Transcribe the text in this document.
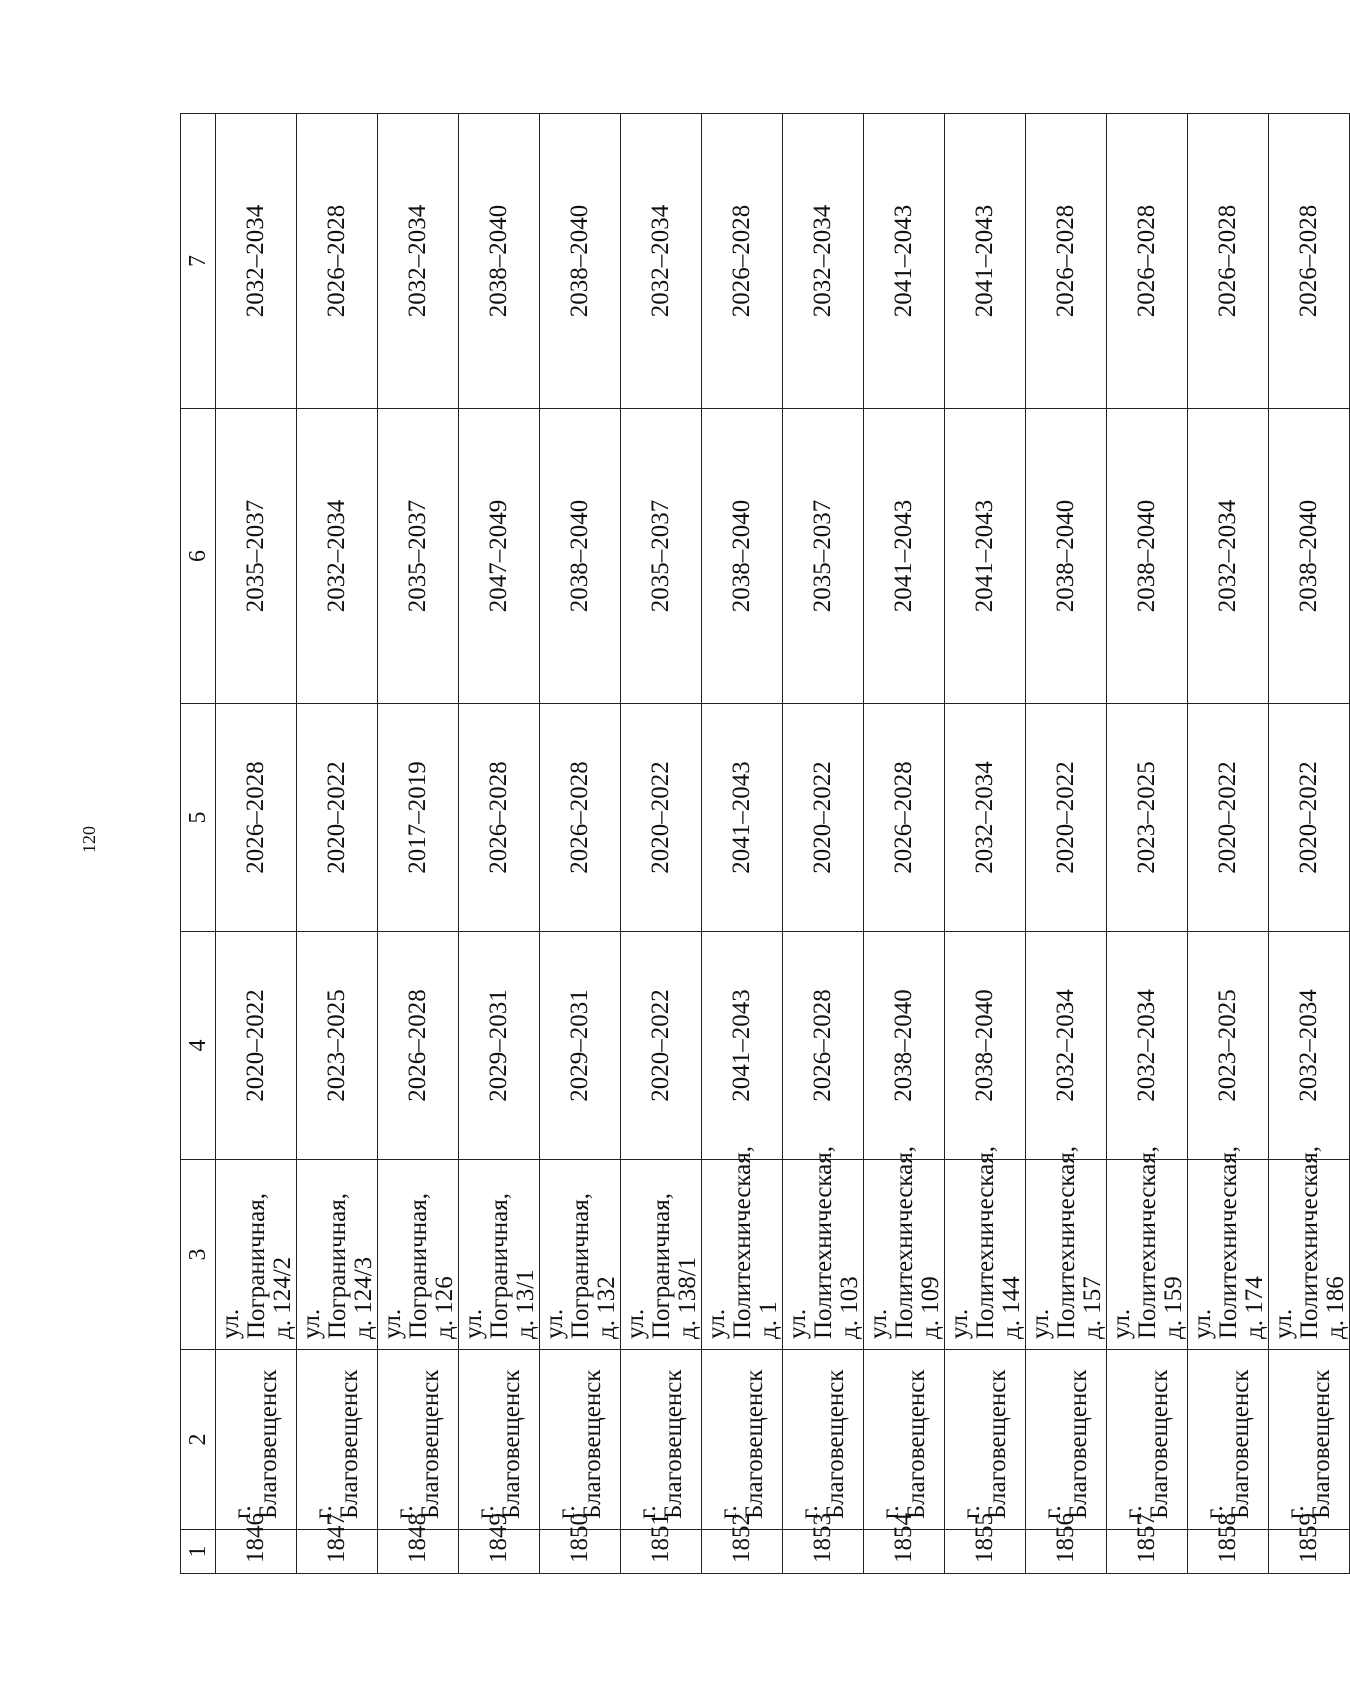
120
1	2	3	4	5	6	7
1846	г. Благовещенск	ул. Пограничная, д. 124/2	2020–2022	2026–2028	2035–2037	2032–2034
1847	г. Благовещенск	ул. Пограничная, д. 124/3	2023–2025	2020–2022	2032–2034	2026–2028
1848	г. Благовещенск	ул. Пограничная, д. 126	2026–2028	2017–2019	2035–2037	2032–2034
1849	г. Благовещенск	ул. Пограничная, д. 13/1	2029–2031	2026–2028	2047–2049	2038–2040
1850	г. Благовещенск	ул. Пограничная, д. 132	2029–2031	2026–2028	2038–2040	2038–2040
1851	г. Благовещенск	ул. Пограничная, д. 138/1	2020–2022	2020–2022	2035–2037	2032–2034
1852	г. Благовещенск	ул. Политехническая, д. 1	2041–2043	2041–2043	2038–2040	2026–2028
1853	г. Благовещенск	ул. Политехническая, д. 103	2026–2028	2020–2022	2035–2037	2032–2034
1854	г. Благовещенск	ул. Политехническая, д. 109	2038–2040	2026–2028	2041–2043	2041–2043
1855	г. Благовещенск	ул. Политехническая, д. 144	2038–2040	2032–2034	2041–2043	2041–2043
1856	г. Благовещенск	ул. Политехническая, д. 157	2032–2034	2020–2022	2038–2040	2026–2028
1857	г. Благовещенск	ул. Политехническая, д. 159	2032–2034	2023–2025	2038–2040	2026–2028
1858	г. Благовещенск	ул. Политехническая, д. 174	2023–2025	2020–2022	2032–2034	2026–2028
1859	г. Благовещенск	ул. Политехническая, д. 186	2032–2034	2020–2022	2038–2040	2026–2028
